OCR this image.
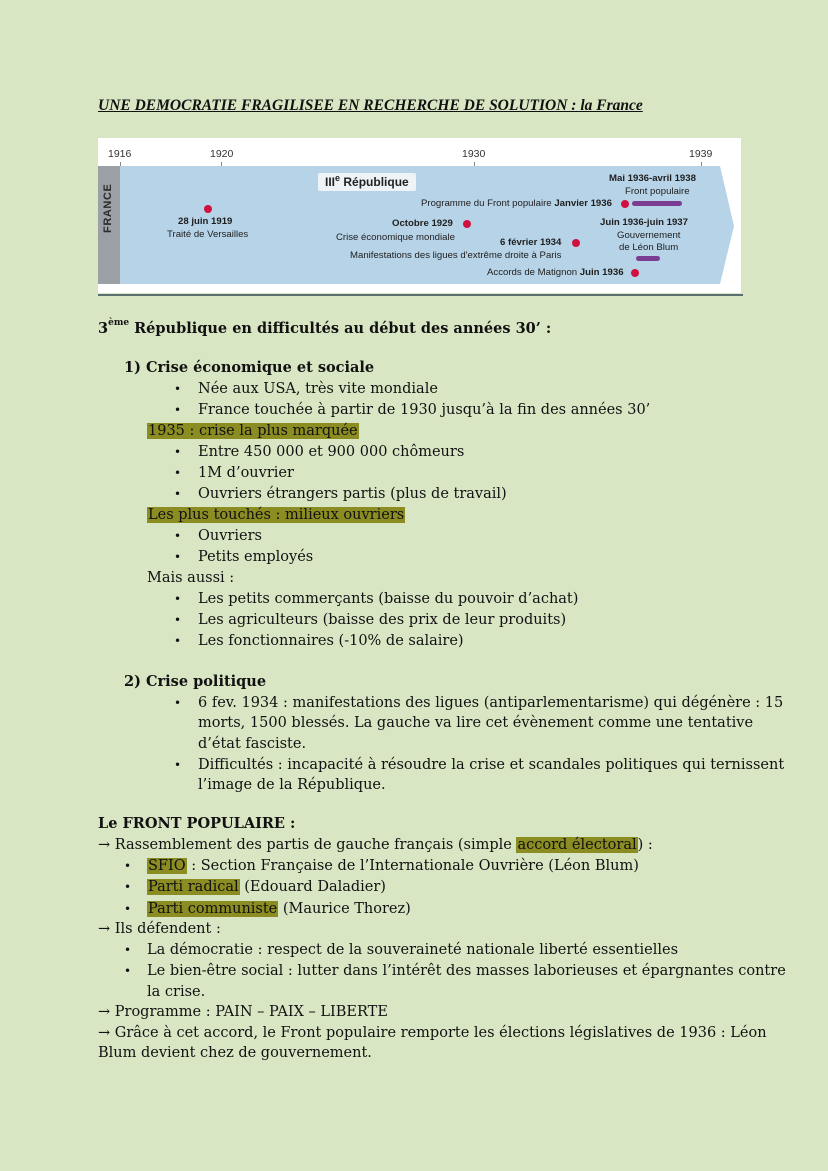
UNE DEMOCRATIE FRAGILISEE EN RECHERCHE DE SOLUTION : la France
1916	1920	1930	1939
FRANCE
IIIe République
28 juin 1919
Traité de Versailles
Programme du Front populaire Janvier 1936
Octobre 1929
Crise économique mondiale	6 février 1934
Manifestations des ligues d'extrême droite à Paris
Accords de Matignon Juin 1936
Mai 1936-avril 1938
Front populaire
Juin 1936-juin 1937
Gouvernement
de Léon Blum
3ème République en difficultés au début des années 30’ :
1) Crise économique et sociale
• Née aux USA, très vite mondiale
• France touchée à partir de 1930 jusqu’à la fin des années 30’
1935 : crise la plus marquée
• Entre 450 000 et 900 000 chômeurs
• 1M d’ouvrier
• Ouvriers étrangers partis (plus de travail)
Les plus touchés : milieux ouvriers
• Ouvriers
• Petits employés
Mais aussi :
• Les petits commerçants (baisse du pouvoir d’achat)
• Les agriculteurs (baisse des prix de leur produits)
• Les fonctionnaires (-10% de salaire)
2) Crise politique
• 6 fev. 1934 : manifestations des ligues (antiparlementarisme) qui dégénère : 15
morts, 1500 blessés. La gauche va lire cet évènement comme une tentative
d’état fasciste.
• Difficultés : incapacité à résoudre la crise et scandales politiques qui ternissent
l’image de la République.
Le FRONT POPULAIRE :
→ Rassemblement des partis de gauche français (simple accord électoral) :
• SFIO : Section Française de l’Internationale Ouvrière (Léon Blum)
• Parti radical (Edouard Daladier)
• Parti communiste (Maurice Thorez)
→ Ils défendent :
• La démocratie : respect de la souveraineté nationale liberté essentielles
• Le bien-être social : lutter dans l’intérêt des masses laborieuses et épargnantes contre
la crise.
→ Programme : PAIN – PAIX – LIBERTE
→ Grâce à cet accord, le Front populaire remporte les élections législatives de 1936 : Léon
Blum devient chez de gouvernement.
